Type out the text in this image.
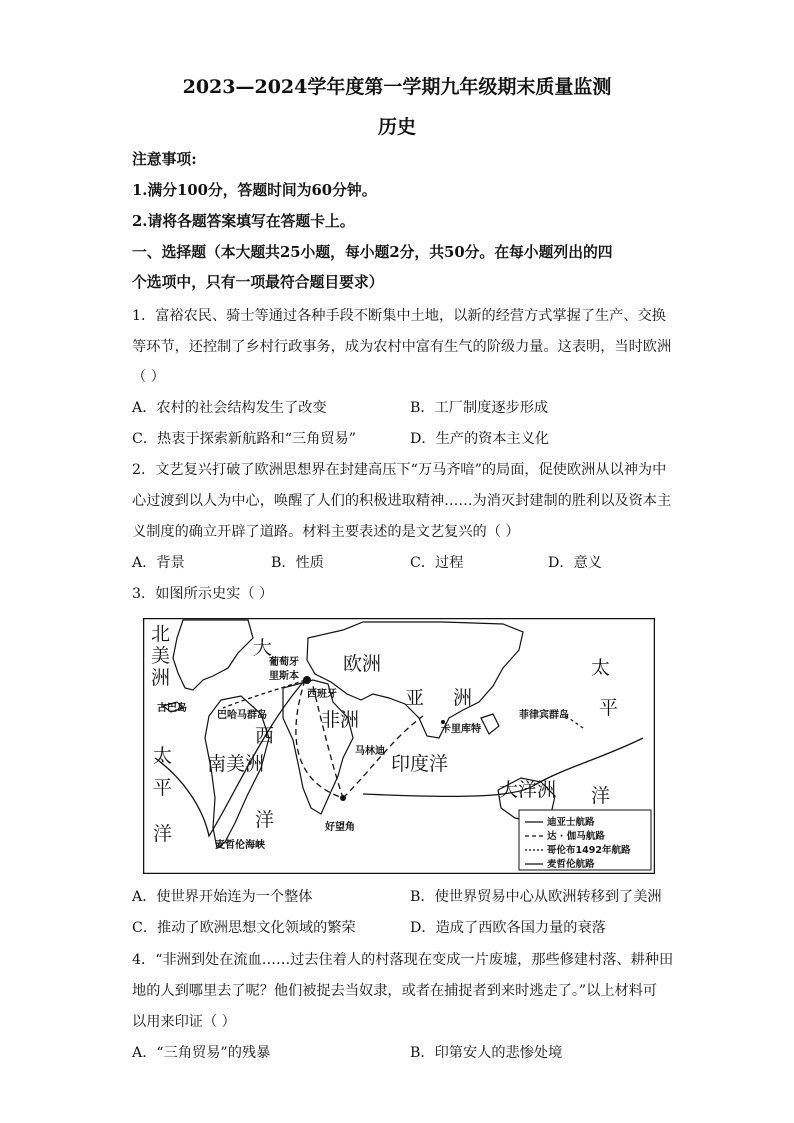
2023—2024学年度第一学期九年级期末质量监测
历史
注意事项:
1.满分100分，答题时间为60分钟。
2.请将各题答案填写在答题卡上。
一、选择题（本大题共25小题，每小题2分，共50分。在每小题列出的四
个选项中，只有一项最符合题目要求）
1．富裕农民、骑士等通过各种手段不断集中土地，以新的经营方式掌握了生产、交换
等环节，还控制了乡村行政事务，成为农村中富有生气的阶级力量。这表明，当时欧洲
（ ）
A．农村的社会结构发生了改变	B．工厂制度逐步形成
C．热衷于探索新航路和“三角贸易”	D．生产的资本主义化
2．文艺复兴打破了欧洲思想界在封建高压下“万马齐喑”的局面，促使欧洲从以神为中
心过渡到以人为中心，唤醒了人们的积极进取精神……为消灭封建制的胜利以及资本主
义制度的确立开辟了道路。材料主要表述的是文艺复兴的（ ）
A．背景	B．性质	C．过程	D．意义
3．如图所示史实（ ）
迪亚士航路
达 · 伽马航路
哥伦布1492年航路
麦哲伦航路
北
美
洲
大
西
洋
欧洲
亚 洲
非洲
南美洲	印度洋
大洋洲
太
平
洋
太
平
洋
葡萄牙
里斯本
西班牙
古巴岛
巴哈马群岛
卡里库特
菲律宾群岛
马林迪
好望角
麦哲伦海峡
A．使世界开始连为一个整体	B．使世界贸易中心从欧洲转移到了美洲
C．推动了欧洲思想文化领域的繁荣	D．造成了西欧各国力量的衰落
4．“非洲到处在流血……过去住着人的村落现在变成一片废墟，那些修建村落、耕种田
地的人到哪里去了呢？他们被捉去当奴隶，或者在捕捉者到来时逃走了。”以上材料可
以用来印证（ ）
A．“三角贸易”的残暴	B．印第安人的悲惨处境
